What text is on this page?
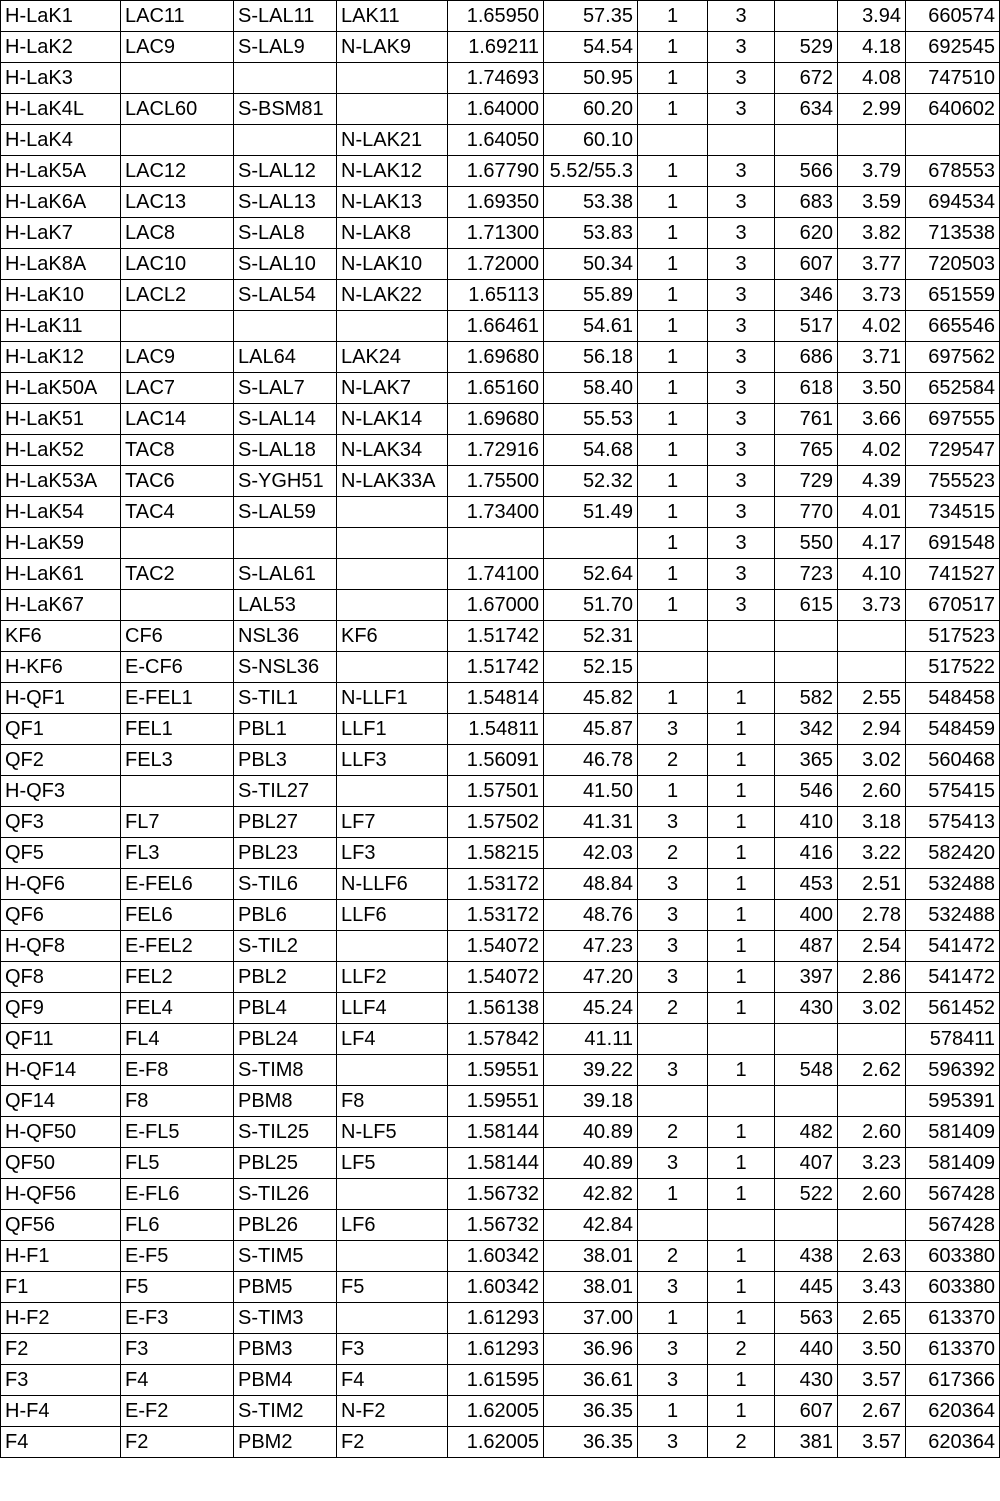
H-LaK1	LAC11	S-LAL11	LAK11	1.65950	57.35	1	3		3.94	660574
H-LaK2	LAC9	S-LAL9	N-LAK9	1.69211	54.54	1	3	529	4.18	692545
H-LaK3				1.74693	50.95	1	3	672	4.08	747510
H-LaK4L	LACL60	S-BSM81		1.64000	60.20	1	3	634	2.99	640602
H-LaK4			N-LAK21	1.64050	60.10					
H-LaK5A	LAC12	S-LAL12	N-LAK12	1.67790	5.52/55.3	1	3	566	3.79	678553
H-LaK6A	LAC13	S-LAL13	N-LAK13	1.69350	53.38	1	3	683	3.59	694534
H-LaK7	LAC8	S-LAL8	N-LAK8	1.71300	53.83	1	3	620	3.82	713538
H-LaK8A	LAC10	S-LAL10	N-LAK10	1.72000	50.34	1	3	607	3.77	720503
H-LaK10	LACL2	S-LAL54	N-LAK22	1.65113	55.89	1	3	346	3.73	651559
H-LaK11				1.66461	54.61	1	3	517	4.02	665546
H-LaK12	LAC9	LAL64	LAK24	1.69680	56.18	1	3	686	3.71	697562
H-LaK50A	LAC7	S-LAL7	N-LAK7	1.65160	58.40	1	3	618	3.50	652584
H-LaK51	LAC14	S-LAL14	N-LAK14	1.69680	55.53	1	3	761	3.66	697555
H-LaK52	TAC8	S-LAL18	N-LAK34	1.72916	54.68	1	3	765	4.02	729547
H-LaK53A	TAC6	S-YGH51	N-LAK33A	1.75500	52.32	1	3	729	4.39	755523
H-LaK54	TAC4	S-LAL59		1.73400	51.49	1	3	770	4.01	734515
H-LaK59						1	3	550	4.17	691548
H-LaK61	TAC2	S-LAL61		1.74100	52.64	1	3	723	4.10	741527
H-LaK67		LAL53		1.67000	51.70	1	3	615	3.73	670517
KF6	CF6	NSL36	KF6	1.51742	52.31					517523
H-KF6	E-CF6	S-NSL36		1.51742	52.15					517522
H-QF1	E-FEL1	S-TIL1	N-LLF1	1.54814	45.82	1	1	582	2.55	548458
QF1	FEL1	PBL1	LLF1	1.54811	45.87	3	1	342	2.94	548459
QF2	FEL3	PBL3	LLF3	1.56091	46.78	2	1	365	3.02	560468
H-QF3		S-TIL27		1.57501	41.50	1	1	546	2.60	575415
QF3	FL7	PBL27	LF7	1.57502	41.31	3	1	410	3.18	575413
QF5	FL3	PBL23	LF3	1.58215	42.03	2	1	416	3.22	582420
H-QF6	E-FEL6	S-TIL6	N-LLF6	1.53172	48.84	3	1	453	2.51	532488
QF6	FEL6	PBL6	LLF6	1.53172	48.76	3	1	400	2.78	532488
H-QF8	E-FEL2	S-TIL2		1.54072	47.23	3	1	487	2.54	541472
QF8	FEL2	PBL2	LLF2	1.54072	47.20	3	1	397	2.86	541472
QF9	FEL4	PBL4	LLF4	1.56138	45.24	2	1	430	3.02	561452
QF11	FL4	PBL24	LF4	1.57842	41.11					578411
H-QF14	E-F8	S-TIM8		1.59551	39.22	3	1	548	2.62	596392
QF14	F8	PBM8	F8	1.59551	39.18					595391
H-QF50	E-FL5	S-TIL25	N-LF5	1.58144	40.89	2	1	482	2.60	581409
QF50	FL5	PBL25	LF5	1.58144	40.89	3	1	407	3.23	581409
H-QF56	E-FL6	S-TIL26		1.56732	42.82	1	1	522	2.60	567428
QF56	FL6	PBL26	LF6	1.56732	42.84					567428
H-F1	E-F5	S-TIM5		1.60342	38.01	2	1	438	2.63	603380
F1	F5	PBM5	F5	1.60342	38.01	3	1	445	3.43	603380
H-F2	E-F3	S-TIM3		1.61293	37.00	1	1	563	2.65	613370
F2	F3	PBM3	F3	1.61293	36.96	3	2	440	3.50	613370
F3	F4	PBM4	F4	1.61595	36.61	3	1	430	3.57	617366
H-F4	E-F2	S-TIM2	N-F2	1.62005	36.35	1	1	607	2.67	620364
F4	F2	PBM2	F2	1.62005	36.35	3	2	381	3.57	620364
